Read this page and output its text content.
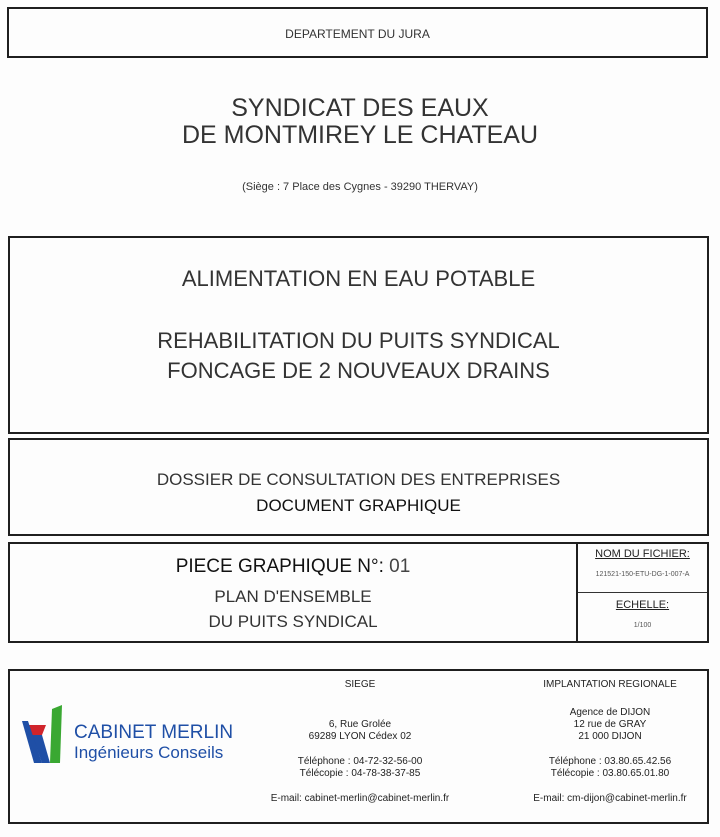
DEPARTEMENT DU JURA
SYNDICAT DES EAUX
DE MONTMIREY LE CHATEAU
(Siège : 7 Place des Cygnes - 39290 THERVAY)
ALIMENTATION EN EAU POTABLE
REHABILITATION DU PUITS SYNDICAL
FONCAGE DE 2 NOUVEAUX DRAINS
DOSSIER DE CONSULTATION DES ENTREPRISES
DOCUMENT GRAPHIQUE
PIECE GRAPHIQUE N°: 01
PLAN D'ENSEMBLE
DU PUITS SYNDICAL
NOM DU FICHIER:
121521-150-ETU-DG-1-007-A
ECHELLE:
1/100
CABINET MERLIN
Ingénieurs Conseils
SIEGE
6, Rue Grolée
69289 LYON Cédex 02
Téléphone : 04-72-32-56-00
Télécopie : 04-78-38-37-85
E-mail: cabinet-merlin@cabinet-merlin.fr
IMPLANTATION REGIONALE
Agence de DIJON
12 rue de GRAY
21 000 DIJON
Téléphone : 03.80.65.42.56
Télécopie : 03.80.65.01.80
E-mail: cm-dijon@cabinet-merlin.fr
